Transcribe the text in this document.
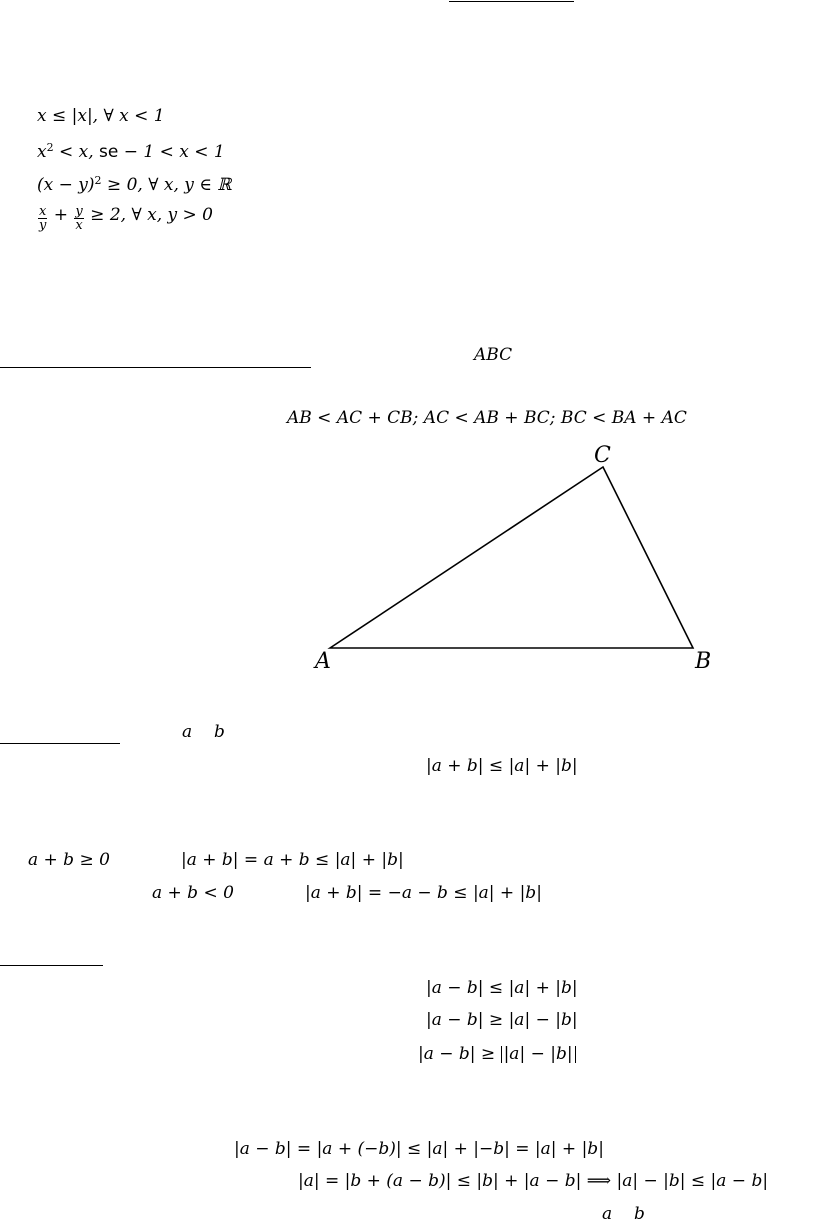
x ≤ |x|, ∀ x < 1
$x^2 < x$, se − 1 < x < 1
$(x - y)^2 \ge 0$, ∀ x, y ∈ ℝ
$\frac{x}{y} + \frac{y}{x} \ge 2$, ∀ x, y > 0
ABC
AB < AC + CB; AC < AB + BC; BC < BA + AC
A	B
C
a b
|a + b| ≤ |a| + |b|
a + b ≥ 0	|a + b| = a + b ≤ |a| + |b|
a + b < 0	|a + b| = −a − b ≤ |a| + |b|
|a − b| ≤ |a| + |b|
|a − b| ≥ |a| − |b|
|a − b| ≥ |a| − |b|
|a − b| = |a + (−b)| ≤ |a| + |−b| = |a| + |b|
|a| = |b + (a − b)| ≤ |b| + |a − b| ⟹ |a| − |b| ≤ |a − b|
a b
